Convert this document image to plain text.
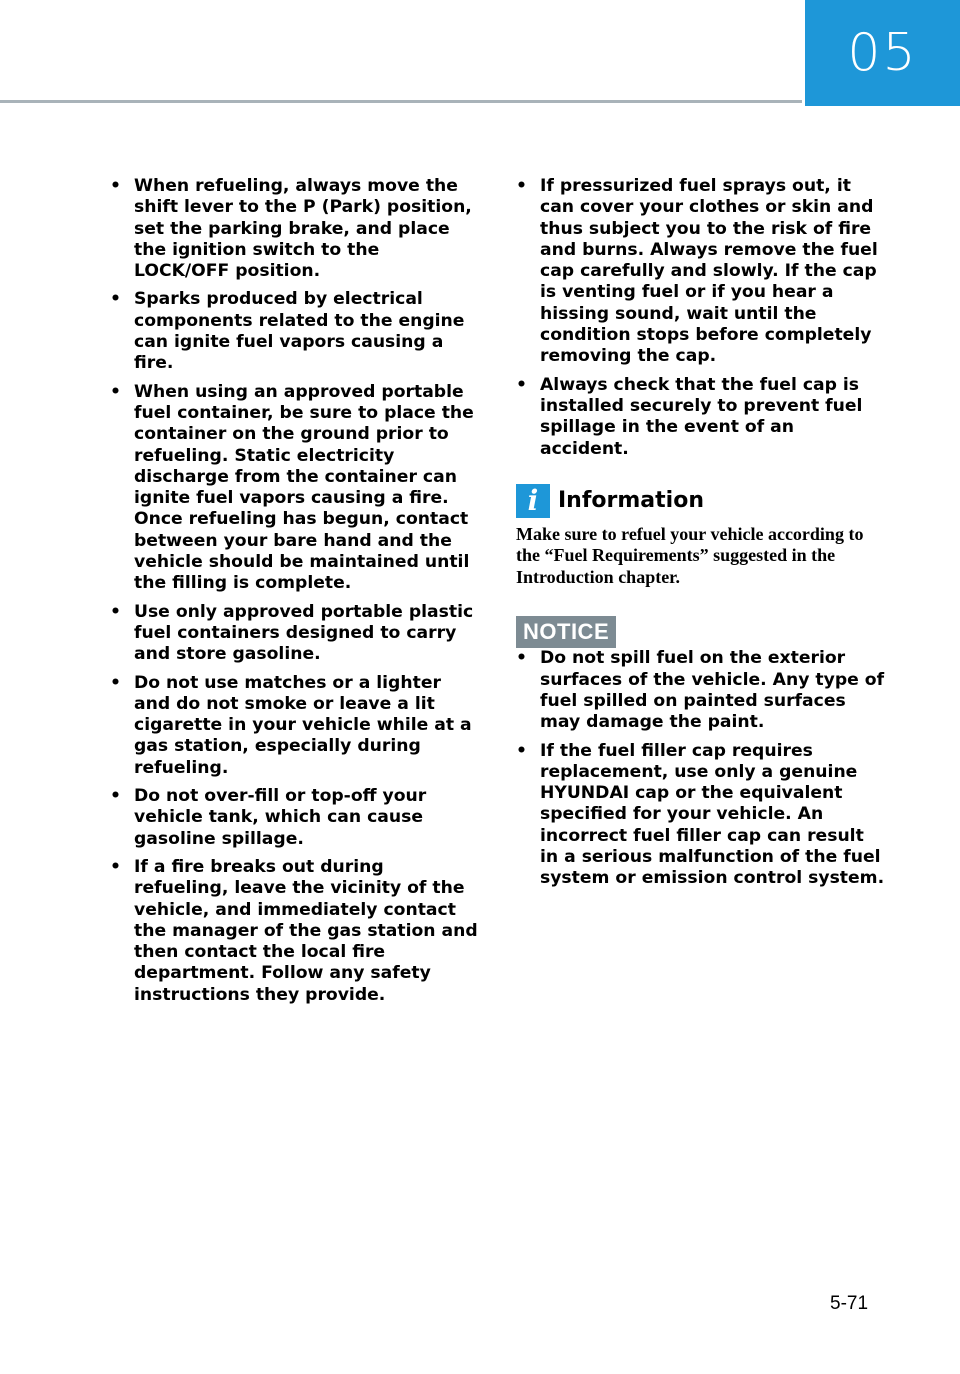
05
• When refueling, always move the shift lever to the P (Park) position, set the parking brake, and place the ignition switch to the LOCK/OFF position.
• Sparks produced by electrical components related to the engine can ignite fuel vapors causing a fire.
• When using an approved portable fuel container, be sure to place the container on the ground prior to refueling. Static electricity discharge from the container can ignite fuel vapors causing a fire. Once refueling has begun, contact between your bare hand and the vehicle should be maintained until the filling is complete.
• Use only approved portable plastic fuel containers designed to carry and store gasoline.
• Do not use matches or a lighter and do not smoke or leave a lit cigarette in your vehicle while at a gas station, especially during refueling.
• Do not over-fill or top-off your vehicle tank, which can cause gasoline spillage.
• If a fire breaks out during refueling, leave the vicinity of the vehicle, and immediately contact the manager of the gas station and then contact the local fire department. Follow any safety instructions they provide.
• If pressurized fuel sprays out, it can cover your clothes or skin and thus subject you to the risk of fire and burns. Always remove the fuel cap carefully and slowly. If the cap is venting fuel or if you hear a hissing sound, wait until the condition stops before completely removing the cap.
• Always check that the fuel cap is installed securely to prevent fuel spillage in the event of an accident.
i Information
Make sure to refuel your vehicle according to the “Fuel Requirements” suggested in the Introduction chapter.
NOTICE
• Do not spill fuel on the exterior surfaces of the vehicle. Any type of fuel spilled on painted surfaces may damage the paint.
• If the fuel filler cap requires replacement, use only a genuine HYUNDAI cap or the equivalent specified for your vehicle. An incorrect fuel filler cap can result in a serious malfunction of the fuel system or emission control system.
5-71
